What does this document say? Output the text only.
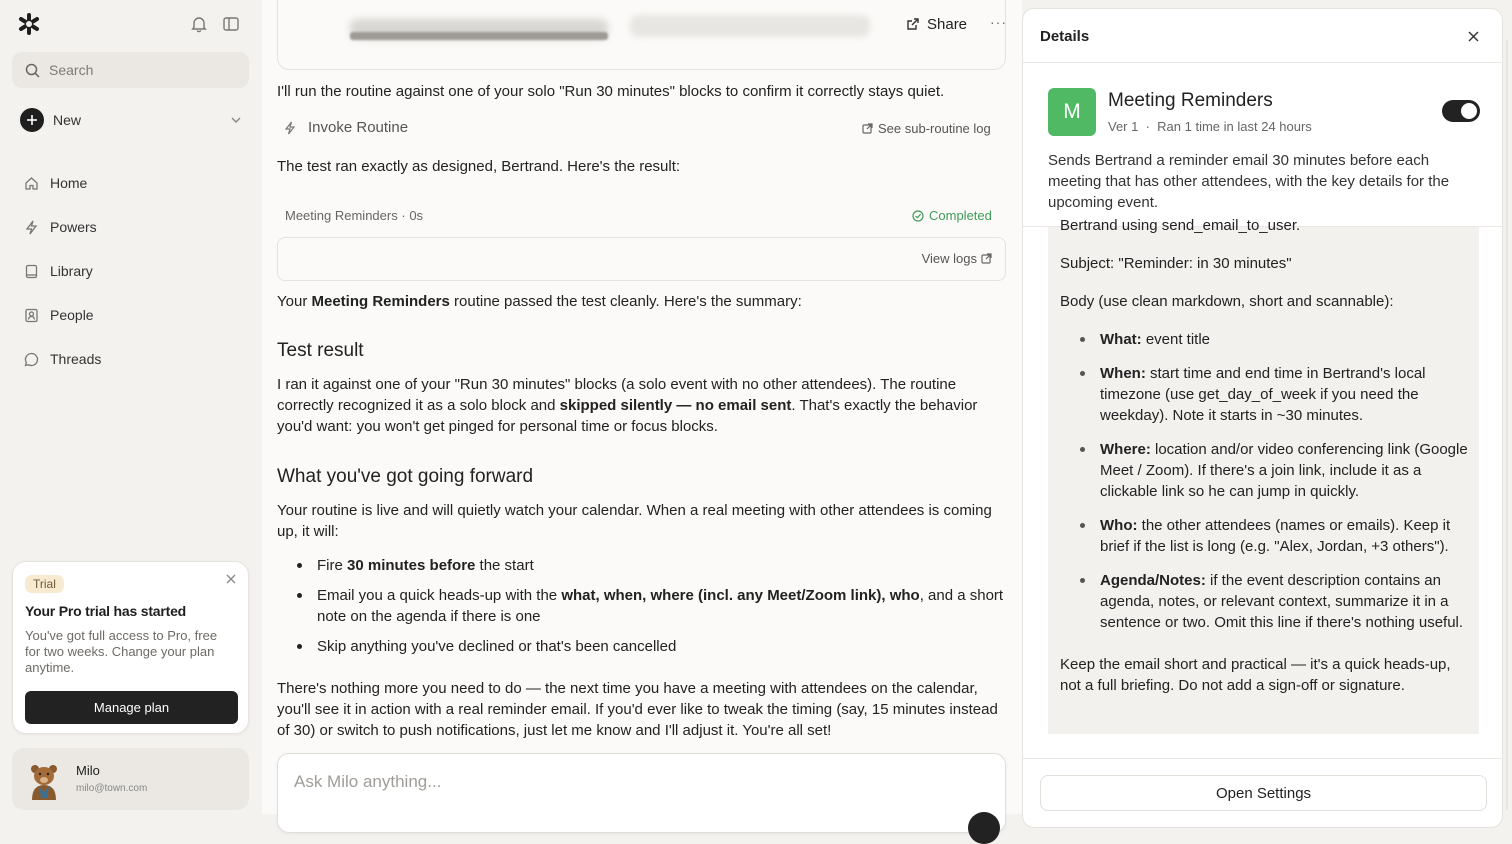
Search
New
Home
Powers
Library
People
Threads
Trial
Your Pro trial has started
You've got full access to Pro, free for two weeks. Change your plan anytime.
Manage plan
Milo
milo@town.com
Share ···
I'll run the routine against one of your solo "Run 30 minutes" blocks to confirm it correctly stays quiet.
Invoke Routine	See sub-routine log
The test ran exactly as designed, Bertrand. Here's the result:
Meeting Reminders · 0s	Completed
View logs
Your Meeting Reminders routine passed the test cleanly. Here's the summary:
Test result
I ran it against one of your "Run 30 minutes" blocks (a solo event with no other attendees). The routine correctly recognized it as a solo block and skipped silently — no email sent. That's exactly the behavior you'd want: you won't get pinged for personal time or focus blocks.
What you've got going forward
Your routine is live and will quietly watch your calendar. When a real meeting with other attendees is coming up, it will:
Fire 30 minutes before the start
Email you a quick heads-up with the what, when, where (incl. any Meet/Zoom link), who, and a short note on the agenda if there is one
Skip anything you've declined or that's been cancelled
There's nothing more you need to do — the next time you have a meeting with attendees on the calendar, you'll see it in action with a real reminder email. If you'd ever like to tweak the timing (say, 15 minutes instead of 30) or switch to push notifications, just let me know and I'll adjust it. You're all set!
Ask Milo anything...
Details
M	Meeting Reminders
Ver 1 · Ran 1 time in last 24 hours
Sends Bertrand a reminder email 30 minutes before each meeting that has other attendees, with the key details for the upcoming event.
Bertrand using send_email_to_user.
Subject: "Reminder: in 30 minutes"
Body (use clean markdown, short and scannable):
What: event title
When: start time and end time in Bertrand's local timezone (use get_day_of_week if you need the weekday). Note it starts in ~30 minutes.
Where: location and/or video conferencing link (Google Meet / Zoom). If there's a join link, include it as a clickable link so he can jump in quickly.
Who: the other attendees (names or emails). Keep it brief if the list is long (e.g. "Alex, Jordan, +3 others").
Agenda/Notes: if the event description contains an agenda, notes, or relevant context, summarize it in a sentence or two. Omit this line if there's nothing useful.
Keep the email short and practical — it's a quick heads-up, not a full briefing. Do not add a sign-off or signature.
Open Settings
